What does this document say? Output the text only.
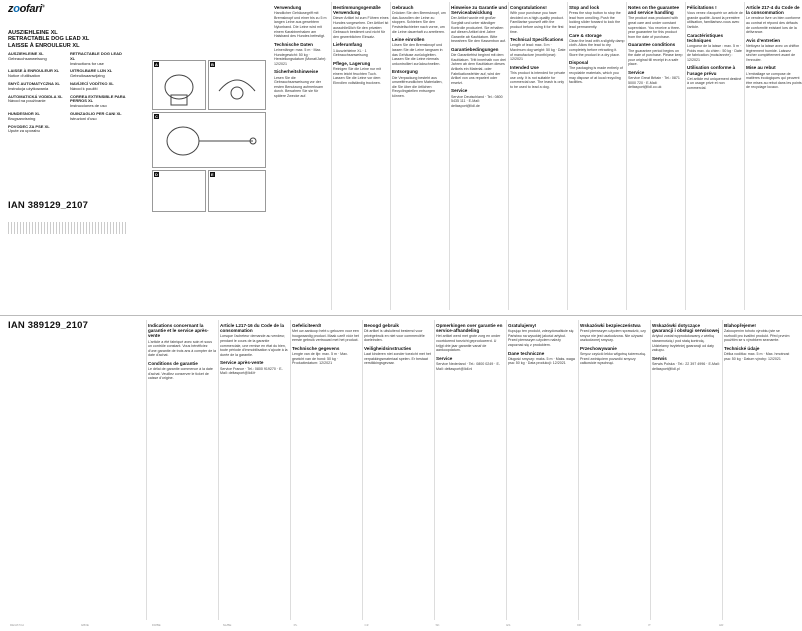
zoofari®
AUSZIEHLEINE XL
RETRACTABLE DOG LEAD XL
LAISSE À ENROULEUR XL
AUSZIEHLEINE XL
Gebrauchsanweisung
RETRACTABLE DOG LEAD XL
Instructions for use
LAISSE À ENROULEUR XL
Notice d'utilisation
UITROLBARE LIJN XL
Gebruiksaanwijzing
SMYČ AUTOMATYCZNA XL
Instrukcja użytkowania
NAVÍJECÍ VODÍTKO XL
Návod k použití
AUTOMATICKÁ VODIDLA XL
Návod na používanie
CORREA EXTENSIBLE PARA PERROS XL
Instrucciones de uso
HUNDESNOR XL
Brugsanvisning
GUINZAGLIO PER CANI XL
Istruzioni d'uso
POVODEC ZA PSE XL
Upute za uporabu
IAN 389129_2107
A	B
C
D	E
Verwendung

Handlicher Gehäusegriff mit Bremsknopf und einer bis zu 5 m langen Leine aus gewebtem Nylonband. Die Leine wird mit einem Karabinerhaken am Halsband des Hundes befestigt.

Technische Daten

Leinenlänge: max. 5 m · Max. Hundegewicht: 50 kg · Herstellungsdatum (Monat/Jahr): 12/2021

Sicherheitshinweise

Lesen Sie die Gebrauchsanweisung vor der ersten Benutzung aufmerksam durch. Bewahren Sie sie für spätere Zwecke auf.

Bestimmungsgemäße Verwendung

Dieser Artikel ist zum Führen eines Hundes vorgesehen. Der Artikel ist ausschließlich für den privaten Gebrauch bestimmt und nicht für den gewerblichen Einsatz.

Lieferumfang

1 Ausziehleine XL · 1 Gebrauchsanweisung

Pflege, Lagerung

Reinigen Sie die Leine nur mit einem leicht feuchten Tuch. Lassen Sie die Leine vor dem Einrollen vollständig trocknen.

Gebrauch

Drücken Sie den Bremsknopf, um das Ausrollen der Leine zu stoppen. Schieben Sie den Feststellschieber nach vorne, um die Leine dauerhaft zu arretieren.

Leine einrollen

Lösen Sie den Bremsknopf und lassen Sie die Leine langsam in das Gehäuse zurückgleiten. Lassen Sie die Leine niemals unkontrolliert zurückschnellen.

Entsorgung

Die Verpackung besteht aus umweltfreundlichen Materialien, die Sie über die örtlichen Recyclingstellen entsorgen können.

Hinweise zu Garantie und Serviceabwicklung

Der Artikel wurde mit großer Sorgfalt und unter ständiger Kontrolle produziert. Sie erhalten auf diesen Artikel drei Jahre Garantie ab Kaufdatum. Bitte bewahren Sie den Kassenbon auf.

Garantiebedingungen

Die Garantiefrist beginnt mit dem Kaufdatum. Tritt innerhalb von drei Jahren ab dem Kaufdatum dieses Artikels ein Material- oder Fabrikationsfehler auf, wird der Artikel von uns repariert oder ersetzt.

Service

Service Deutschland · Tel.: 0800 5435 111 · E-Mail: deltasport@lidl.de

Congratulations!

With your purchase you have decided on a high-quality product. Familiarise yourself with the product before using it for the first time.

Technical Specifications

Length of lead: max. 5 m · Maximum dog weight: 50 kg · Date of manufacture (month/year): 12/2021

Intended Use

This product is intended for private use only. It is not suitable for commercial use. The leash is only to be used to lead a dog.

Stop and lock

Press the stop button to stop the lead from unrolling. Push the locking slider forward to lock the lead permanently.

Care & storage

Clean the lead with a slightly damp cloth. Allow the lead to dry completely before retracting it. Store the product in a dry place.

Disposal

The packaging is made entirely of recyclable materials, which you may dispose of at local recycling facilities.

Notes on the guarantee and service handling

The product was produced with great care and under constant supervision. You receive a three-year guarantee for this product from the date of purchase.

Guarantee conditions

The guarantee period begins on the date of purchase. Please keep your original till receipt in a safe place.

Service

Service Great Britain · Tel.: 0871 5000 720 · E-Mail: deltasport@lidl.co.uk

Félicitations !

Vous venez d'acquérir un article de grande qualité. Avant la première utilisation, familiarisez-vous avec l'article.

Caractéristiques techniques

Longueur de la laisse : max. 5 m · Poids max. du chien : 50 kg · Date de fabrication (mois/année) : 12/2021

Utilisation conforme à l'usage prévu

Cet article est uniquement destiné à un usage privé et non commercial.

Article 217-4 du Code de la consommation

Le vendeur livre un bien conforme au contrat et répond des défauts de conformité existant lors de la délivrance.

Avis d'entretien

Nettoyez la laisse avec un chiffon légèrement humide. Laissez sécher complètement avant de l'enrouler.

Mise au rebut

L'emballage se compose de matières écologiques qui peuvent être mises au rebut dans les points de recyclage locaux.

IAN 389129_2107	Indications concernant la garantie et le service après-vente

L'article a été fabriqué avec soin et sous un contrôle constant. Vous bénéficiez d'une garantie de trois ans à compter de la date d'achat.

Conditions de garantie

Le délai de garantie commence à la date d'achat. Veuillez conserver le ticket de caisse d'origine.

Article L217-16 du Code de la consommation

Lorsque l'acheteur demande au vendeur, pendant le cours de la garantie commerciale, une remise en état du bien, toute période d'immobilisation s'ajoute à la durée de la garantie.

Service après-vente

Service France · Tel.: 0800 919270 · E-Mail: deltasport@lidl.fr

Gefeliciteerd!

Met uw aankoop hebt u gekozen voor een hoogwaardig product. Maak uzelf vóór het eerste gebruik vertrouwd met het product.

Technische gegevens

Lengte van de lijn: max. 5 m · Max. gewicht van de hond: 50 kg · Productiedatum: 12/2021

Beoogd gebruik

Dit artikel is uitsluitend bestemd voor privégebruik en niet voor commerciële doeleinden.

Veiligheidsinstructies

Laat kinderen niet zonder toezicht met het verpakkingsmateriaal spelen. Er bestaat verstikkingsgevaar.

Opmerkingen over garantie en service-afhandeling

Het artikel werd met grote zorg en onder voortdurend toezicht geproduceerd. U krijgt drie jaar garantie vanaf de aankoopdatum.

Service

Service Nederland · Tel.: 0800 0249 · E-Mail: deltasport@lidl.nl

Gratulujemy!

Kupując ten produkt, zdecydowaliście się Państwo na wysokiej jakości artykuł. Przed pierwszym użyciem należy zapoznać się z produktem.

Dane techniczne

Długość smyczy: maks. 5 m · Maks. waga psa: 50 kg · Data produkcji: 12/2021

Wskazówki bezpieczeństwa

Przed pierwszym użyciem sprawdzić, czy smycz nie jest uszkodzona. Nie używać uszkodzonej smyczy.

Przechowywanie

Smycz czyścić lekko wilgotną ściereczką. Przed zwinięciem pozwolić smyczy całkowicie wyschnąć.

Wskazówki dotyczące gwarancji i obsługi serwisowej

Artykuł został wyprodukowany z wielką starannością i pod stałą kontrolą. Udzielamy trzyletniej gwarancji od daty zakupu.

Serwis

Serwis Polska · Tel.: 22 397 4996 · E-Mail: deltasport@lidl.pl

Blahopřejeme!

Zakoupením tohoto výrobku jste se rozhodli pro kvalitní produkt. Před prvním použitím se s výrobkem seznamte.

Technické údaje

Délka vodítka: max. 5 m · Max. hmotnost psa: 50 kg · Datum výroby: 12/2021

DE/AT/CH	GB/IE	FR/BE	NL/BE	PL	CZ	SK	ES	DK	IT	HR
